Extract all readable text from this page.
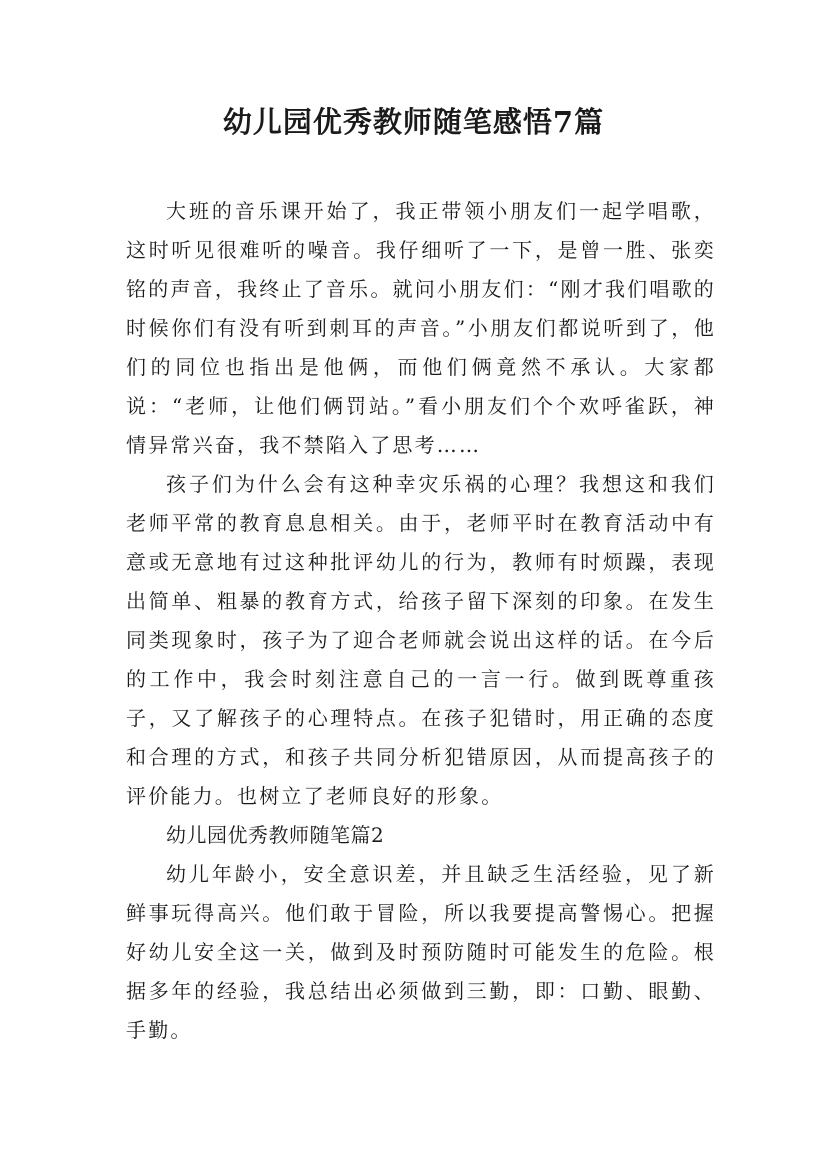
幼儿园优秀教师随笔感悟7篇

大班的音乐课开始了，我正带领小朋友们一起学唱歌，这时听见很难听的噪音。我仔细听了一下，是曾一胜、张奕铭的声音，我终止了音乐。就问小朋友们：“刚才我们唱歌的时候你们有没有听到刺耳的声音。”小朋友们都说听到了，他们的同位也指出是他俩，而他们俩竟然不承认。大家都说：“老师，让他们俩罚站。”看小朋友们个个欢呼雀跃，神情异常兴奋，我不禁陷入了思考……

孩子们为什么会有这种幸灾乐祸的心理？我想这和我们老师平常的教育息息相关。由于，老师平时在教育活动中有意或无意地有过这种批评幼儿的行为，教师有时烦躁，表现出简单、粗暴的教育方式，给孩子留下深刻的印象。在发生同类现象时，孩子为了迎合老师就会说出这样的话。在今后的工作中，我会时刻注意自己的一言一行。做到既尊重孩子，又了解孩子的心理特点。在孩子犯错时，用正确的态度和合理的方式，和孩子共同分析犯错原因，从而提高孩子的评价能力。也树立了老师良好的形象。

幼儿园优秀教师随笔篇2

幼儿年龄小，安全意识差，并且缺乏生活经验，见了新鲜事玩得高兴。他们敢于冒险，所以我要提高警惕心。把握好幼儿安全这一关，做到及时预防随时可能发生的危险。根据多年的经验，我总结出必须做到三勤，即：口勤、眼勤、手勤。
